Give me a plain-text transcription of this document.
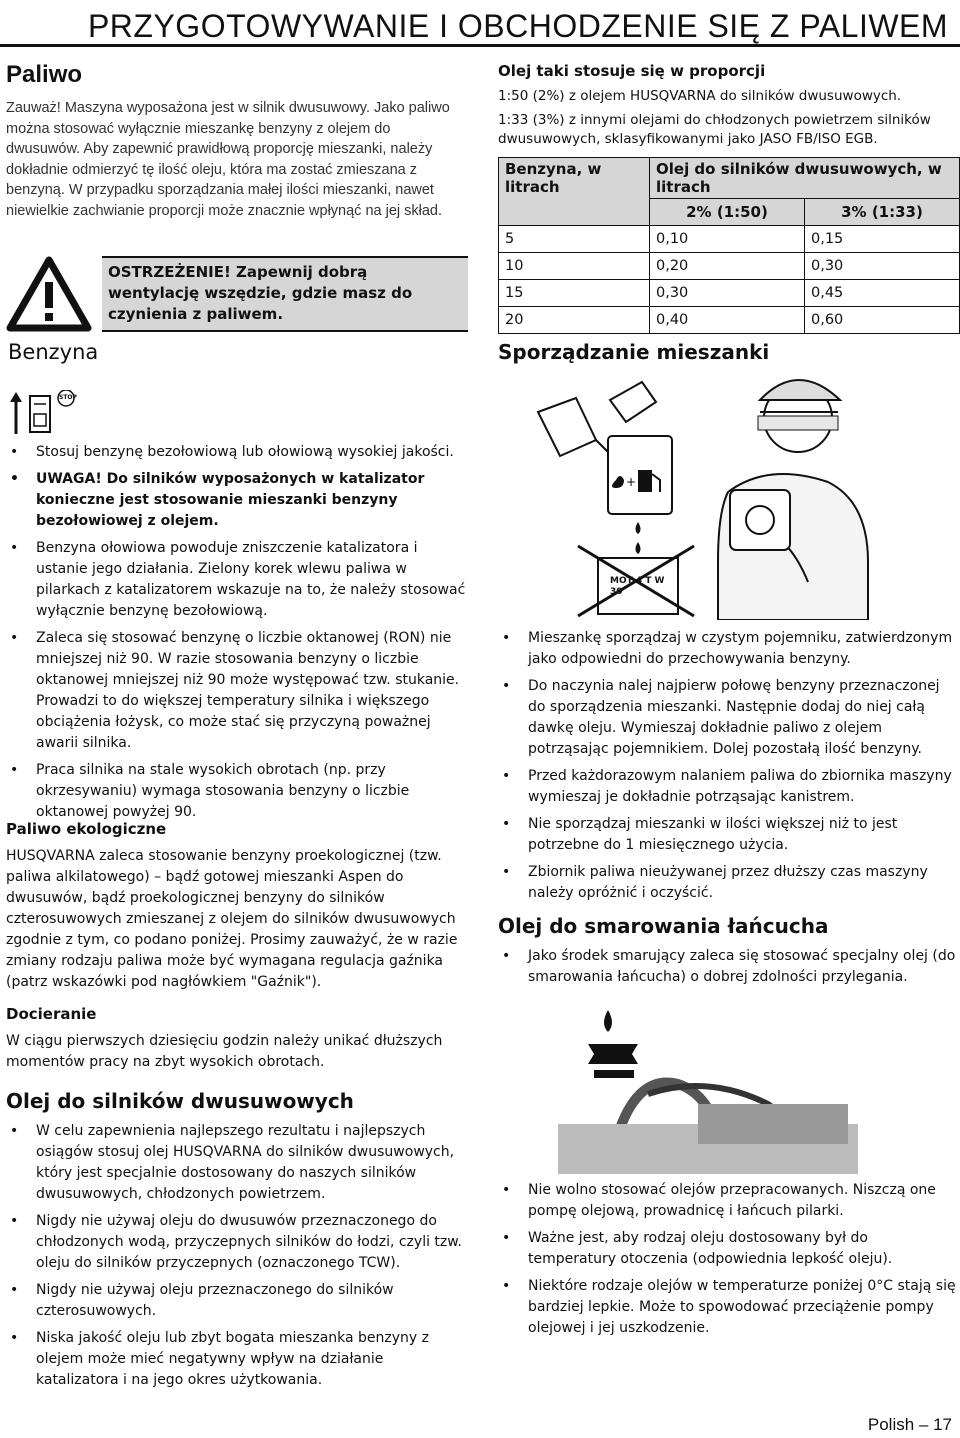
PRZYGOTOWYWANIE I OBCHODZENIE SIĘ Z PALIWEM
Paliwo

Zauważ! Maszyna wyposażona jest w silnik dwusuwowy. Jako paliwo można stosować wyłącznie mieszankę benzyny z olejem do dwusuwów. Aby zapewnić prawidłową proporcję mieszanki, należy dokładnie odmierzyć tę ilość oleju, która ma zostać zmieszana z benzyną. W przypadku sporządzania małej ilości mieszanki, nawet niewielkie zachwianie proporcji może znacznie wpłynąć na jej skład.

Benzyna
OSTRZEŻENIE! Zapewnij dobrą wentylację wszędzie, gdzie masz do czynienia z paliwem.
STOP
• Stosuj benzynę bezołowiową lub ołowiową wysokiej jakości.
• UWAGA! Do silników wyposażonych w katalizator konieczne jest stosowanie mieszanki benzyny bezołowiowej z olejem.
• Benzyna ołowiowa powoduje zniszczenie katalizatora i ustanie jego działania. Zielony korek wlewu paliwa w pilarkach z katalizatorem wskazuje na to, że należy stosować wyłącznie benzynę bezołowiową.
• Zaleca się stosować benzynę o liczbie oktanowej (RON) nie mniejszej niż 90. W razie stosowania benzyny o liczbie oktanowej mniejszej niż 90 może występować tzw. stukanie. Prowadzi to do większej temperatury silnika i większego obciążenia łożysk, co może stać się przyczyną poważnej awarii silnika.
• Praca silnika na stale wysokich obrotach (np. przy okrzesywaniu) wymaga stosowania benzyny o liczbie oktanowej powyżej 90.
Paliwo ekologiczne

HUSQVARNA zaleca stosowanie benzyny proekologicznej (tzw. paliwa alkilatowego) – bądź gotowej mieszanki Aspen do dwusuwów, bądź proekologicznej benzyny do silników czterosuwowych zmieszanej z olejem do silników dwusuwowych zgodnie z tym, co podano poniżej. Prosimy zauważyć, że w razie zmiany rodzaju paliwa może być wymagana regulacja gaźnika (patrz wskazówki pod nagłówkiem "Gaźnik").

Docieranie

W ciągu pierwszych dziesięciu godzin należy unikać dłuższych momentów pracy na zbyt wysokich obrotach.

Olej do silników dwusuwowych
• W celu zapewnienia najlepszego rezultatu i najlepszych osiągów stosuj olej HUSQVARNA do silników dwusuwowych, który jest specjalnie dostosowany do naszych silników dwusuwowych, chłodzonych powietrzem.
• Nigdy nie używaj oleju do dwusuwów przeznaczonego do chłodzonych wodą, przyczepnych silników do łodzi, czyli tzw. oleju do silników przyczepnych (oznaczonego TCW).
• Nigdy nie używaj oleju przeznaczonego do silników czterosuwowych.
• Niska jakość oleju lub zbyt bogata mieszanka benzyny z olejem może mieć negatywny wpływ na działanie katalizatora i na jego okres użytkowania.
Olej taki stosuje się w proporcji

1:50 (2%) z olejem HUSQVARNA do silników dwusuwowych.

1:33 (3%) z innymi olejami do chłodzonych powietrzem silników dwusuwowych, sklasyfikowanymi jako JASO FB/ISO EGB.

Benzyna, w litrach	Olej do silników dwusuwowych, w litrach	
	2% (1:50)	3% (1:33)
5	0,10	0,15
10	0,20	0,30
15	0,30	0,45
20	0,40	0,60
Sporządzanie mieszanki
+
MOT 4 T W 30
• Mieszankę sporządzaj w czystym pojemniku, zatwierdzonym jako odpowiedni do przechowywania benzyny.
• Do naczynia nalej najpierw połowę benzyny przeznaczonej do sporządzenia mieszanki. Następnie dodaj do niej całą dawkę oleju. Wymieszaj dokładnie paliwo z olejem potrząsając pojemnikiem. Dolej pozostałą ilość benzyny.
• Przed każdorazowym nalaniem paliwa do zbiornika maszyny wymieszaj je dokładnie potrząsając kanistrem.
• Nie sporządzaj mieszanki w ilości większej niż to jest potrzebne do 1 miesięcznego użycia.
• Zbiornik paliwa nieużywanej przez dłuższy czas maszyny należy opróżnić i oczyścić.
Olej do smarowania łańcucha
• Jako środek smarujący zaleca się stosować specjalny olej (do smarowania łańcucha) o dobrej zdolności przylegania.
• Nie wolno stosować olejów przepracowanych. Niszczą one pompę olejową, prowadnicę i łańcuch pilarki.
• Ważne jest, aby rodzaj oleju dostosowany był do temperatury otoczenia (odpowiednia lepkość oleju).
• Niektóre rodzaje olejów w temperaturze poniżej 0°C stają się bardziej lepkie. Może to spowodować przeciążenie pompy olejowej i jej uszkodzenie.
Polish – 17
